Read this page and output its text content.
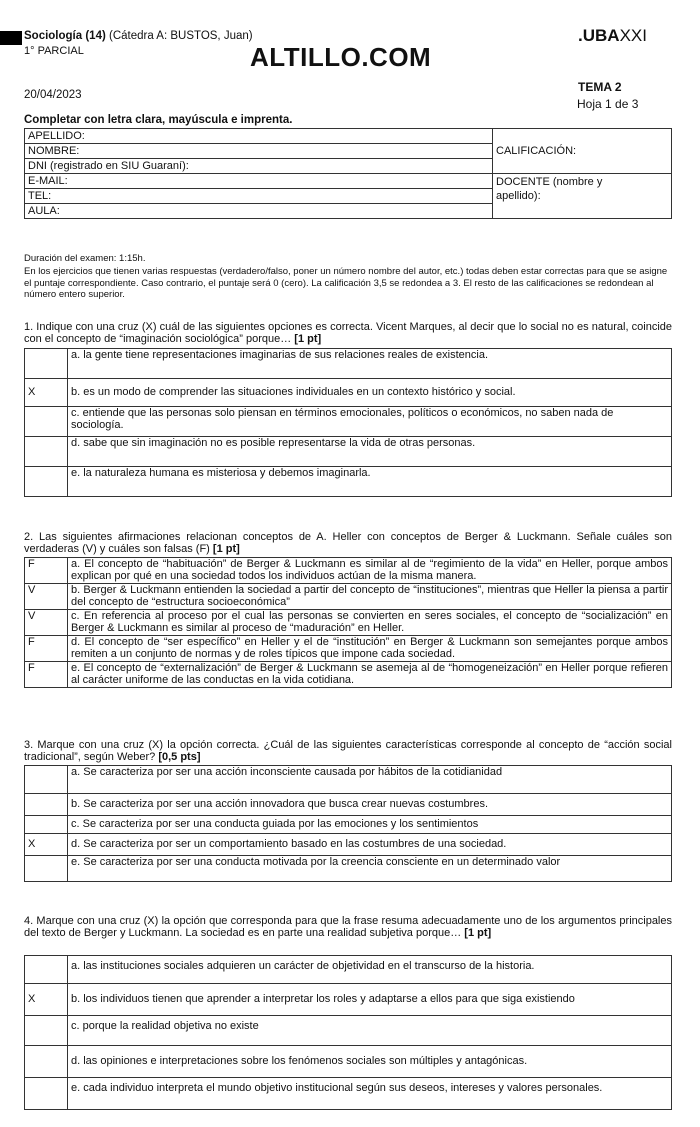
Sociología (14) (Cátedra A: BUSTOS, Juan)
1° PARCIAL	ALTILLO.COM
.UBAXXI
20/04/2023
TEMA 2
Hoja 1 de 3
Completar con letra clara, mayúscula e imprenta.
APELLIDO:	CALIFICACIÓN:
NOMBRE:	
DNI (registrado en SIU Guaraní):	
E-MAIL:	DOCENTE (nombre y apellido):

TEL:	
AULA:	
Duración del examen: 1:15h.
En los ejercicios que tienen varias respuestas (verdadero/falso, poner un número nombre del autor, etc.) todas deben estar correctas para que se asigne el puntaje correspondiente. Caso contrario, el puntaje será 0 (cero). La calificación 3,5 se redondea a 3. El resto de las calificaciones se redondean al número entero superior.
1. Indique con una cruz (X) cuál de las siguientes opciones es correcta. Vicent Marques, al decir que lo social no es natural, coincide con el concepto de “imaginación sociológica” porque… [1 pt]
	a. la gente tiene representaciones imaginarias de sus relaciones reales de existencia.
X	b. es un modo de comprender las situaciones individuales en un contexto histórico y social.
	c. entiende que las personas solo piensan en términos emocionales, políticos o económicos, no saben nada de sociología.
	d. sabe que sin imaginación no es posible representarse la vida de otras personas.
	e. la naturaleza humana es misteriosa y debemos imaginarla.
2. Las siguientes afirmaciones relacionan conceptos de A. Heller con conceptos de Berger & Luckmann. Señale cuáles son verdaderas (V) y cuáles son falsas (F) [1 pt]
F	a. El concepto de “habituación” de Berger & Luckmann es similar al de “regimiento de la vida” en Heller, porque ambos explican por qué en una sociedad todos los individuos actúan de la misma manera.
V	b. Berger & Luckmann entienden la sociedad a partir del concepto de “instituciones”, mientras que Heller la piensa a partir del concepto de “estructura socioeconómica”
V	c. En referencia al proceso por el cual las personas se convierten en seres sociales, el concepto de “socialización” en Berger & Luckmann es similar al proceso de “maduración” en Heller.
F	d. El concepto de “ser específico” en Heller y el de “institución” en Berger & Luckmann son semejantes porque ambos remiten a un conjunto de normas y de roles típicos que impone cada sociedad.
F	e. El concepto de “externalización” de Berger & Luckmann se asemeja al de “homogeneización” en Heller porque refieren al carácter uniforme de las conductas en la vida cotidiana.
3. Marque con una cruz (X) la opción correcta. ¿Cuál de las siguientes características corresponde al concepto de “acción social tradicional”, según Weber? [0,5 pts]
	a. Se caracteriza por ser una acción inconsciente causada por hábitos de la cotidianidad
	b. Se caracteriza por ser una acción innovadora que busca crear nuevas costumbres.
	c. Se caracteriza por ser una conducta guiada por las emociones y los sentimientos
X	d. Se caracteriza por ser un comportamiento basado en las costumbres de una sociedad.
	e. Se caracteriza por ser una conducta motivada por la creencia consciente en un determinado valor
4. Marque con una cruz (X) la opción que corresponda para que la frase resuma adecuadamente uno de los argumentos principales del texto de Berger y Luckmann. La sociedad es en parte una realidad subjetiva porque… [1 pt]
	a. las instituciones sociales adquieren un carácter de objetividad en el transcurso de la historia.
X	b. los individuos tienen que aprender a interpretar los roles y adaptarse a ellos para que siga existiendo
	c. porque la realidad objetiva no existe
	d. las opiniones e interpretaciones sobre los fenómenos sociales son múltiples y antagónicas.
	e. cada individuo interpreta el mundo objetivo institucional según sus deseos, intereses y valores personales.
